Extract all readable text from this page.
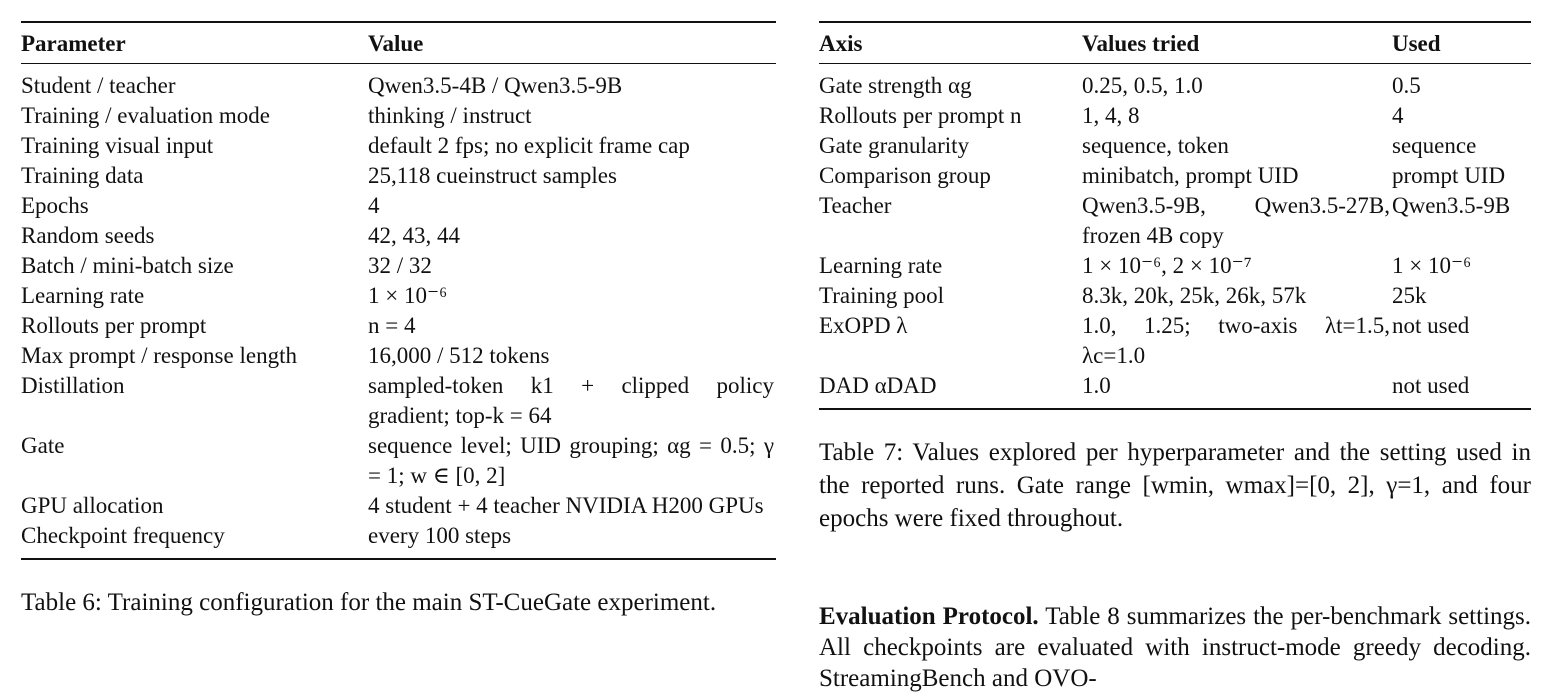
Parameter	Value
Student / teacher	Qwen3.5-4B / Qwen3.5-9B
Training / evaluation mode	thinking / instruct
Training visual input	default 2 fps; no explicit frame cap
Training data	25,118 cueinstruct samples
Epochs	4
Random seeds	42, 43, 44
Batch / mini-batch size	32 / 32
Learning rate	1 × 10⁻⁶
Rollouts per prompt	n = 4
Max prompt / response length	16,000 / 512 tokens
Distillation	sampled-token k1 + clipped policy gradient; top-k = 64
Gate	sequence level; UID grouping; αg = 0.5; γ = 1; w ∈ [0, 2]
GPU allocation	4 student + 4 teacher NVIDIA H200 GPUs
Checkpoint frequency	every 100 steps
Table 6: Training configuration for the main ST-CueGate experiment.
Axis	Values tried	Used
Gate strength αg	0.25, 0.5, 1.0	0.5
Rollouts per prompt n	1, 4, 8	4
Gate granularity	sequence, token	sequence
Comparison group	minibatch, prompt UID	prompt UID
Teacher	Qwen3.5-9B, Qwen3.5-27B, frozen 4B copy	Qwen3.5-9B
Learning rate	1 × 10⁻⁶, 2 × 10⁻⁷	1 × 10⁻⁶
Training pool	8.3k, 20k, 25k, 26k, 57k	25k
ExOPD λ	1.0, 1.25; two-axis λt=1.5, λc=1.0	not used
DAD αDAD	1.0	not used
Table 7: Values explored per hyperparameter and the setting used in the reported runs. Gate range [wmin, wmax]=[0, 2], γ=1, and four epochs were fixed throughout.
Evaluation Protocol. Table 8 summarizes the per-benchmark settings. All checkpoints are evaluated with instruct-mode greedy decoding. StreamingBench and OVO-
